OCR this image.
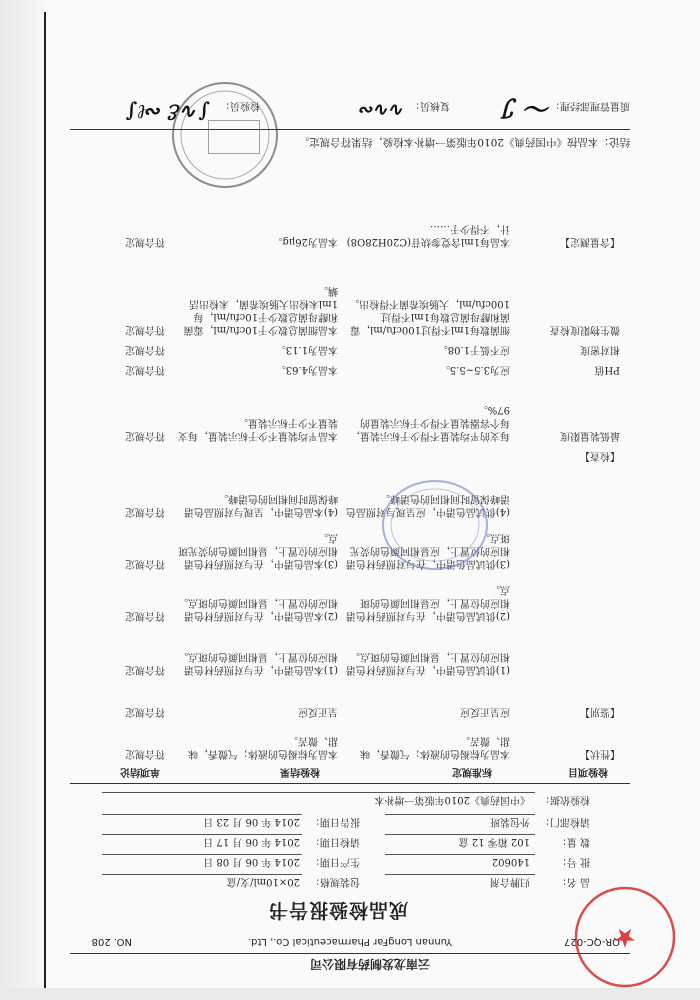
云南龙发制药有限公司
QR-QC-027
Yunnan LongFar Pharmaceutical Co., Ltd.
NO. 208
成品检验报告书
品 名：
归脾合剂
包装规格：
20×10ml/支/盒
批 号：
140602
生产日期：
2014 年 06 月 08 日
数 量：
102 箱零 12 盒
请检日期：
2014 年 06 月 17 日
请检部门：
外包装班
报告日期：
2014 年 06 月 23 日
检验依据：
《中国药典》2010年版第一增补本
检验项目
标准规定
检验结果
单项结论
【性状】
本品为棕褐色的液体；气微香，味甜、微苦。
本品为棕褐色的液体；气微香，味甜、微苦。
符合规定
【鉴别】
应呈正反应
呈正反应
符合规定
(1)供试品色谱中，在与对照药材色谱相应的位置上，显相同颜色的斑点。
(1)本品色谱中，在与对照药材色谱相应的位置上，显相同颜色的斑点。
符合规定
(2)供试品色谱中，在与对照药材色谱相应的位置上，应显相同颜色的斑点。
(2)本品色谱中，在与对照药材色谱相应的位置上，显相同颜色的斑点。
符合规定
(3)供试品色谱中，在与对照药材色谱相应的位置上，应显相同颜色的荧光斑点。
(3)本品色谱中，在与对照药材色谱相应的位置上，显相同颜色的荧光斑点。
符合规定
(4)供试品色谱中，应呈现与对照品色谱峰保留时间相同的色谱峰。
(4)本品色谱中，呈现与对照品色谱峰保留时间相同的色谱峰。
符合规定
【检查】
最低装量限度
每支的平均装量不得少于标示装量，每个容器装量不得少于标示装量的97%。
本品平均装量不少于标示装量，每支装量不少于标示装量。
符合规定
PH值
应为3.5~5.5。
本品为4.63。
符合规定
相对密度
应不低于1.08。
本品为1.13。
符合规定
微生物限度检查
细菌数每1ml不得过100cfu/ml，霉菌和酵母菌总数每1ml不得过100cfu/ml，大肠埃希菌不得检出。
本品细菌总数少于10cfu/ml，霉菌和酵母菌总数少于10cfu/ml，每1ml未检出大肠埃希菌，未检出活螨。
符合规定
【含量测定】
本品每1ml含党参炔苷(C20H28O8)计，不得少于……
本品为26μg。
符合规定
结论：本品按《中国药典》2010年版第一增补本检验，结果符合规定。
质量管理部经理：
〜 ℐ
复核员：
∿∿∾
检验员：
∫∿ℰ ∾ℓ∫
★
